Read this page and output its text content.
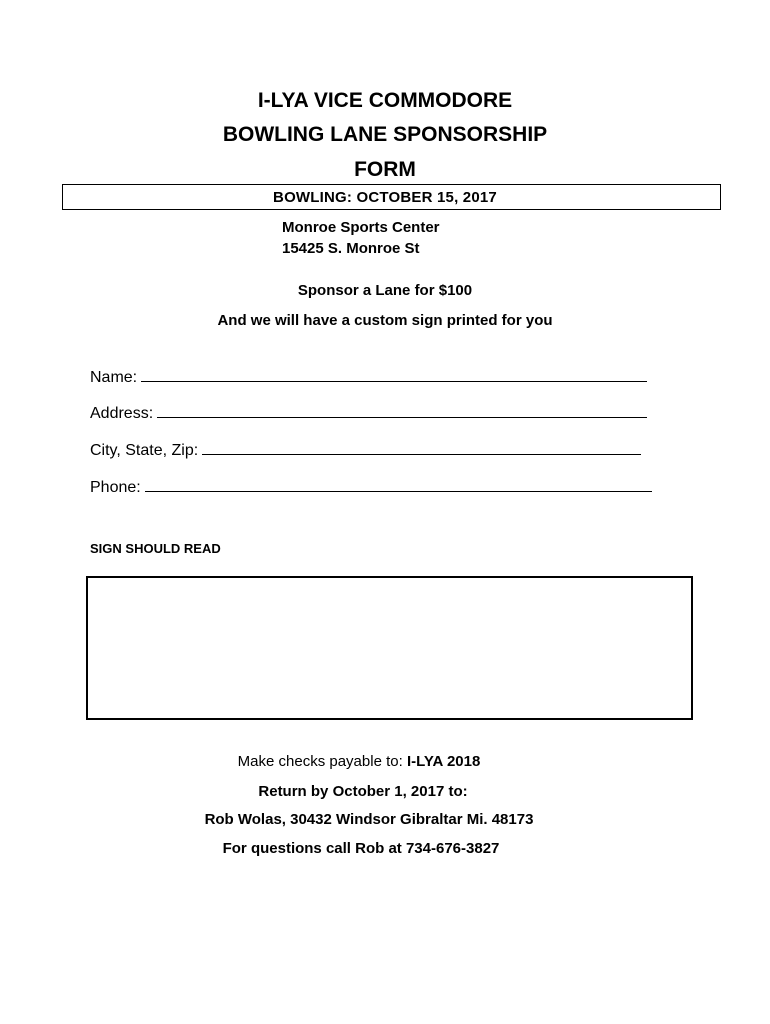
I-LYA VICE COMMODORE
BOWLING LANE SPONSORSHIP
FORM
BOWLING: OCTOBER 15, 2017
Monroe Sports Center
15425 S. Monroe St
Sponsor a Lane for $100
And we will have a custom sign printed for you
Name:
Address:
City, State, Zip:
Phone:
SIGN SHOULD READ
Make checks payable to: I-LYA 2018
Return by October 1, 2017 to:
Rob Wolas, 30432 Windsor Gibraltar Mi. 48173
For questions call Rob at 734-676-3827
